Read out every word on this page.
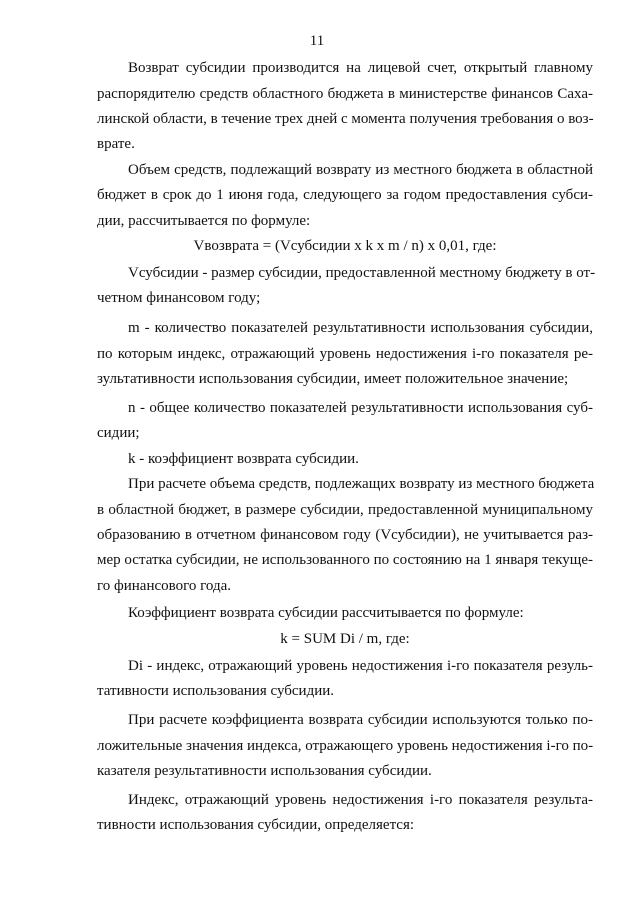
11
Возврат субсидии производится на лицевой счет, открытый главному
распорядителю средств областного бюджета в министерстве финансов Саха-
линской области, в течение трех дней с момента получения требования о воз-
врате.
Объем средств, подлежащий возврату из местного бюджета в областной
бюджет в срок до 1 июня года, следующего за годом предоставления субси-
дии, рассчитывается по формуле:
Vвозврата = (Vсубсидии x k x m / n) x 0,01, где:
Vсубсидии - размер субсидии, предоставленной местному бюджету в от-
четном финансовом году;
m - количество показателей результативности использования субсидии,
по которым индекс, отражающий уровень недостижения i-го показателя ре-
зультативности использования субсидии, имеет положительное значение;
n - общее количество показателей результативности использования суб-
сидии;
k - коэффициент возврата субсидии.
При расчете объема средств, подлежащих возврату из местного бюджета
в областной бюджет, в размере субсидии, предоставленной муниципальному
образованию в отчетном финансовом году (Vсубсидии), не учитывается раз-
мер остатка субсидии, не использованного по состоянию на 1 января текуще-
го финансового года.
Коэффициент возврата субсидии рассчитывается по формуле:
k = SUM Di / m, где:
Di - индекс, отражающий уровень недостижения i-го показателя резуль-
тативности использования субсидии.
При расчете коэффициента возврата субсидии используются только по-
ложительные значения индекса, отражающего уровень недостижения i-го по-
казателя результативности использования субсидии.
Индекс, отражающий уровень недостижения i-го показателя результа-
тивности использования субсидии, определяется:
